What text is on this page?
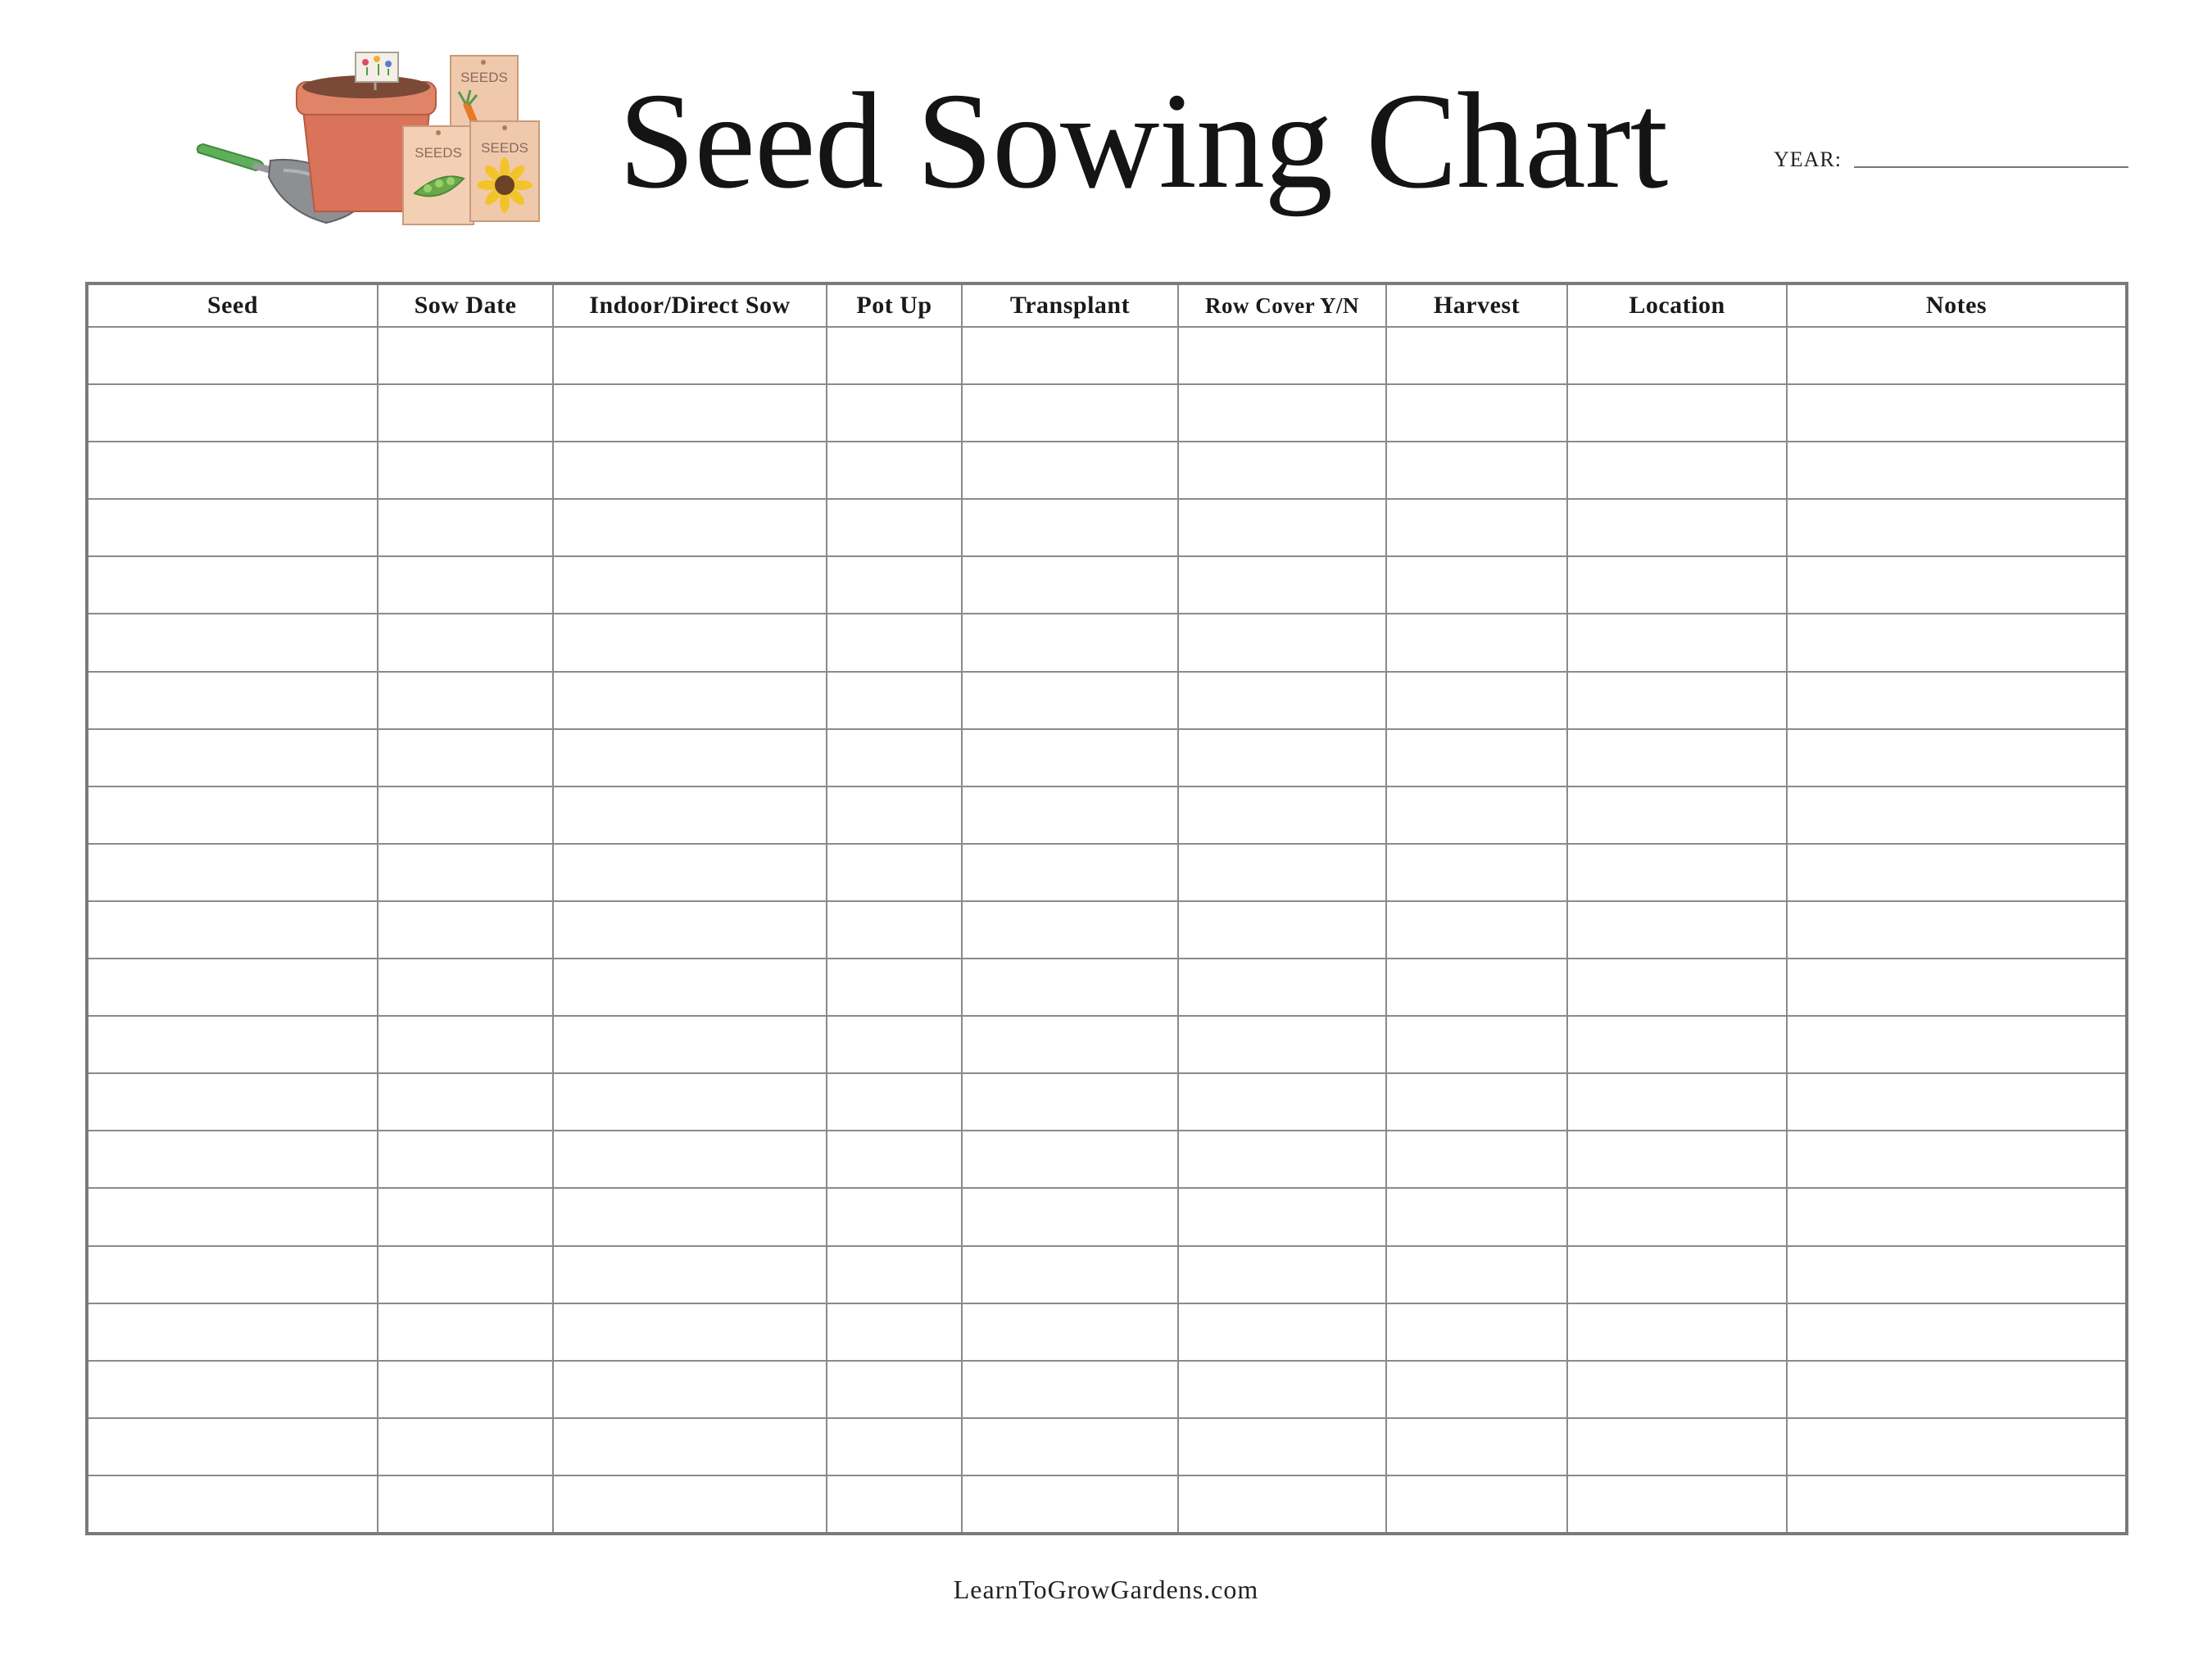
SEEDS
SEEDS SEEDS Seed Sowing Chart	YEAR:
Seed	Sow Date	Indoor/Direct Sow	Pot Up	Transplant	Row Cover Y/N	Harvest	Location	Notes

LearnToGrowGardens.com
